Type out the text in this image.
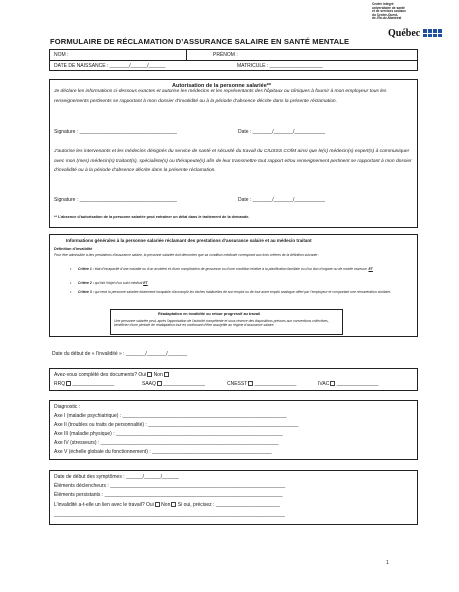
Centre intégré
universitaire de santé
et de services sociaux
du Centre-Ouest-
de-l’Île-de-Montréal
Québec
FORMULAIRE DE RÉCLAMATION D’ASSURANCE SALAIRE EN SANTÉ MENTALE
NOM :	PRÉNOM :
DATE DE NAISSANCE : _______/______/______	MATRICULE : ___________________
Autorisation de la personne salariée**
Je déclare les informations ci-dessous exactes et autorise les médecins et les représentants des hôpitaux ou cliniques à fournir à mon employeur tous les renseignements pertinents se rapportant à mon dossier d’invalidité ou à la période d’absence décrite dans la présente réclamation.
Signature : ___________________________________	Date : _______/_______/___________
J’autorise les intervenants et les médecins désignés du service de santé et sécurité du travail du CIUSSS COÎM ainsi que le(s) médecin(s) expert(s) à communiquer avec mon (mes) médecin(s) traitant(s), spécialiste(s) ou thérapeute(s) afin de leur transmettre tout rapport et/ou renseignement pertinent se rapportant à mon dossier d’invalidité ou à la période d’absence décrite dans la présente réclamation.
Signature : ___________________________________	Date : _______/_______/___________
** L’absence d’autorisation de la personne salariée peut entraîner un délai dans le traitement de la demande.
Informations générales à la personne salariée réclamant des prestations d’assurance salaire et au médecin traitant
Définition d’invalidité
Pour être admissible à des prestations d’assurance salaire, la personne salariée doit démontrer que sa condition médicale correspond aux trois critères de la définition suivante :
• Critère 1 : état d’incapacité d’une maladie ou d’un accident et d’une complication de grossesse ou d’une condition relative à la planification familiale ou d’un don d’organe ou de moelle osseuse. ET
• Critère 2 : qui fait l’objet d’un suivi médical ET
• Critère 3 : qui rend la personne salariée totalement incapable d’accomplir les tâches habituelles de son emploi ou de tout autre emploi analogue offert par l’employeur et comportant une rémunération similaire.
Réadaptation en invalidité ou retour progressif au travail
Une personne salariée peut, après l’approbation de l’autorité compétente et sous réserve des dispositions prévues aux conventions collectives, bénéficier d’une période de réadaptation tout en continuant d’être assujettie au régime d’assurance salaire.
Date du début de « l’invalidité » : _______/_______/_______
Avez-vous complété des documents? Oui Non
RRQ _______________	SAAQ _______________	CNESST _______________	IVAC _______________
Diagnostic :
Axe I (maladie psychiatrique) : ___________________________________________________________
Axe II (troubles ou traits de personnalité) : ______________________________________________________
Axe III (maladie physique) : ____________________________________________________________
Axe IV (stresseurs) : ________________________________________________________________
Axe V (échelle globale du fonctionnement) : ___________________________________________
Date de début des symptômes : ______/______/______
Éléments déclencheurs : _______________________________________________________________
Éléments persistants : ________________________________________________________________
L’invalidité a-t-elle un lien avec le travail? Oui Non Si oui, précisez : _______________________
___________________________________________________________________________________
1
